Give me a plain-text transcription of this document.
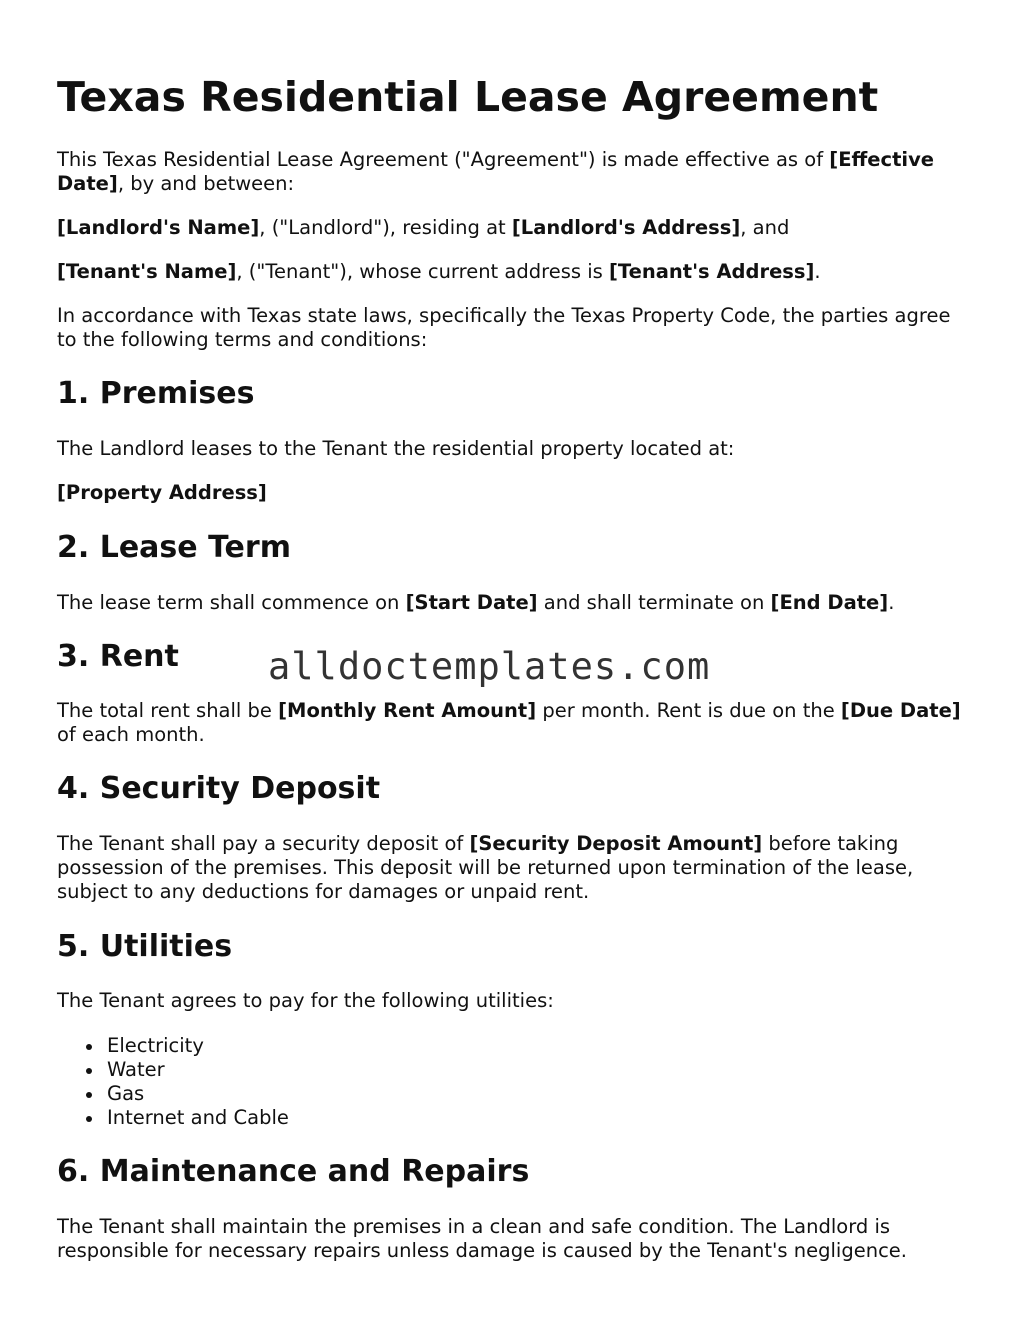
Texas Residential Lease Agreement

This Texas Residential Lease Agreement ("Agreement") is made effective as of [Effective Date], by and between:

[Landlord's Name], ("Landlord"), residing at [Landlord's Address], and

[Tenant's Name], ("Tenant"), whose current address is [Tenant's Address].

In accordance with Texas state laws, specifically the Texas Property Code, the parties agree to the following terms and conditions:

1. Premises

The Landlord leases to the Tenant the residential property located at:

[Property Address]

2. Lease Term

The lease term shall commence on [Start Date] and shall terminate on [End Date].

3. Rent

The total rent shall be [Monthly Rent Amount] per month. Rent is due on the [Due Date] of each month.

4. Security Deposit

The Tenant shall pay a security deposit of [Security Deposit Amount] before taking possession of the premises. This deposit will be returned upon termination of the lease, subject to any deductions for damages or unpaid rent.

5. Utilities

The Tenant agrees to pay for the following utilities:

Electricity
Water
Gas
Internet and Cable
6. Maintenance and Repairs

The Tenant shall maintain the premises in a clean and safe condition. The Landlord is responsible for necessary repairs unless damage is caused by the Tenant's negligence.

alldoctemplates.com
